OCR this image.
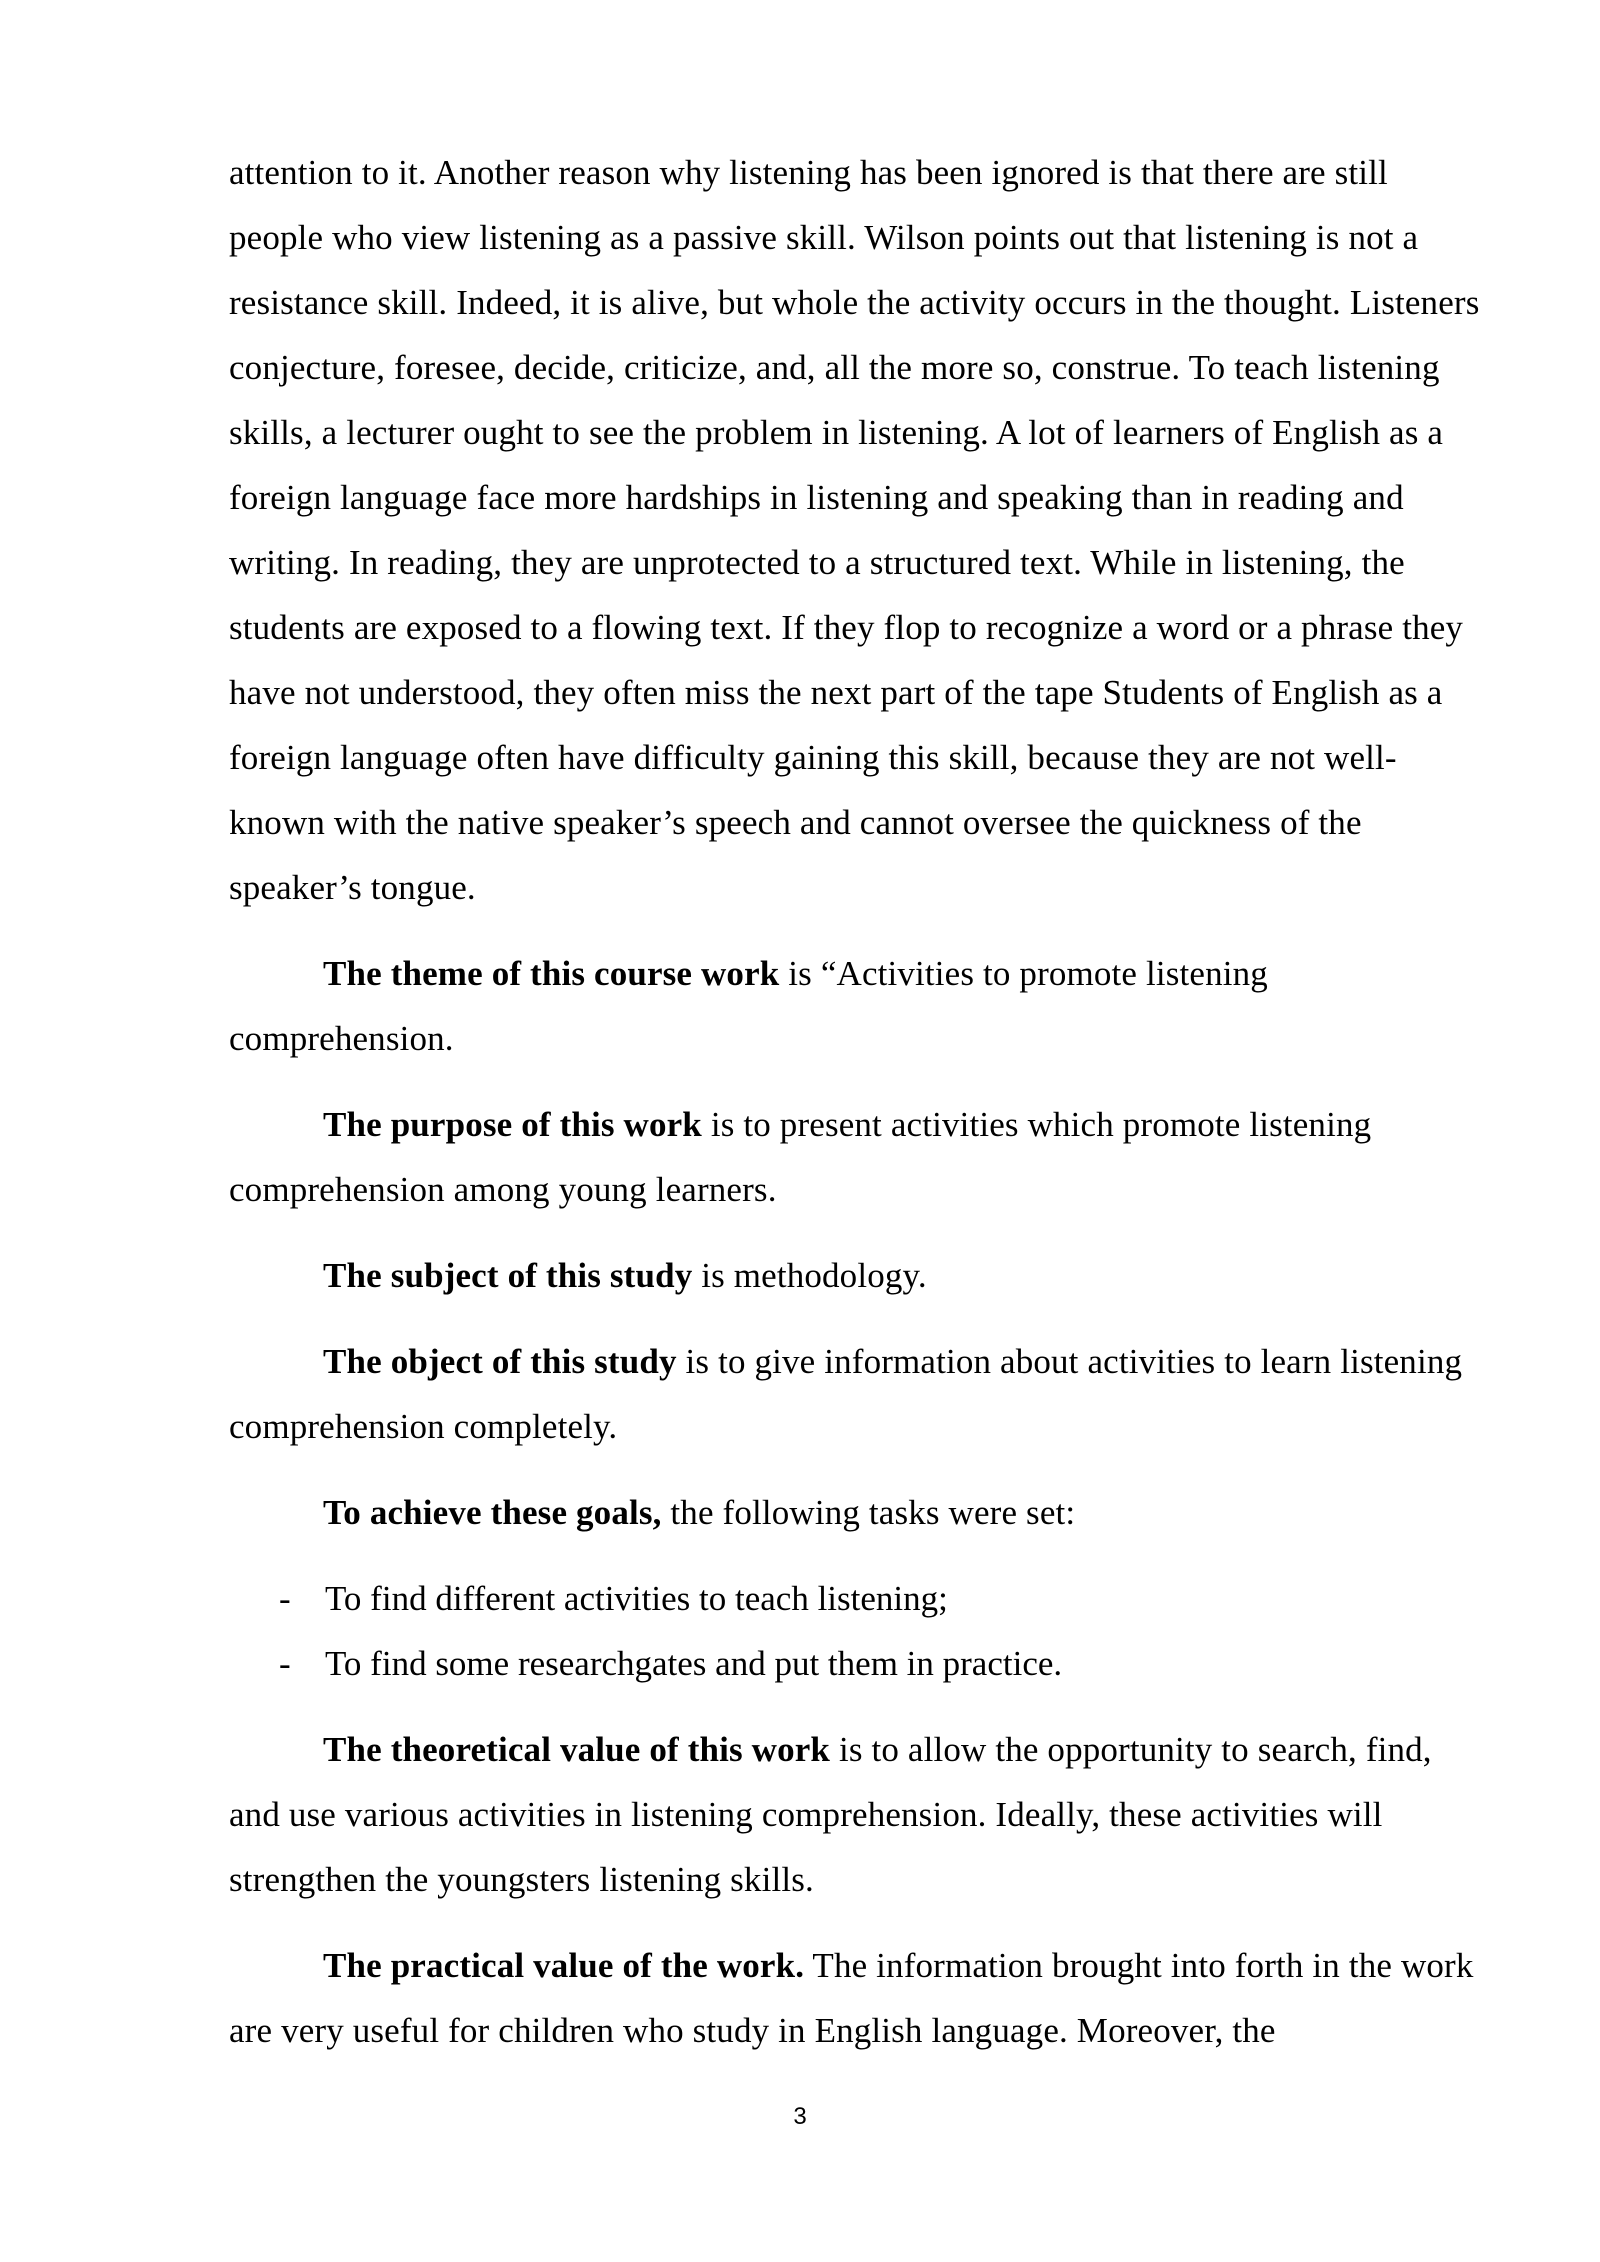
attention to it. Another reason why listening has been ignored is that there are still people who view listening as a passive skill. Wilson points out that listening is not a resistance skill. Indeed, it is alive, but whole the activity occurs in the thought. Listeners conjecture, foresee, decide, criticize, and, all the more so, construe. To teach listening skills, a lecturer ought to see the problem in listening. A lot of learners of English as a foreign language face more hardships in listening and speaking than in reading and writing. In reading, they are unprotected to a structured text. While in listening, the students are exposed to a flowing text. If they flop to recognize a word or a phrase they have not understood, they often miss the next part of the tape Students of English as a foreign language often have difficulty gaining this skill, because they are not well-known with the native speaker’s speech and cannot oversee the quickness of the speaker’s tongue.

The theme of this course work is “Activities to promote listening comprehension.

The purpose of this work is to present activities which promote listening comprehension among young learners.

The subject of this study is methodology.

The object of this study is to give information about activities to learn listening comprehension completely.

To achieve these goals, the following tasks were set:

- To find different activities to teach listening;
- To find some researchgates and put them in practice.

The theoretical value of this work is to allow the opportunity to search, find, and use various activities in listening comprehension. Ideally, these activities will strengthen the youngsters listening skills.

The practical value of the work. The information brought into forth in the work are very useful for children who study in English language. Moreover, the

3
